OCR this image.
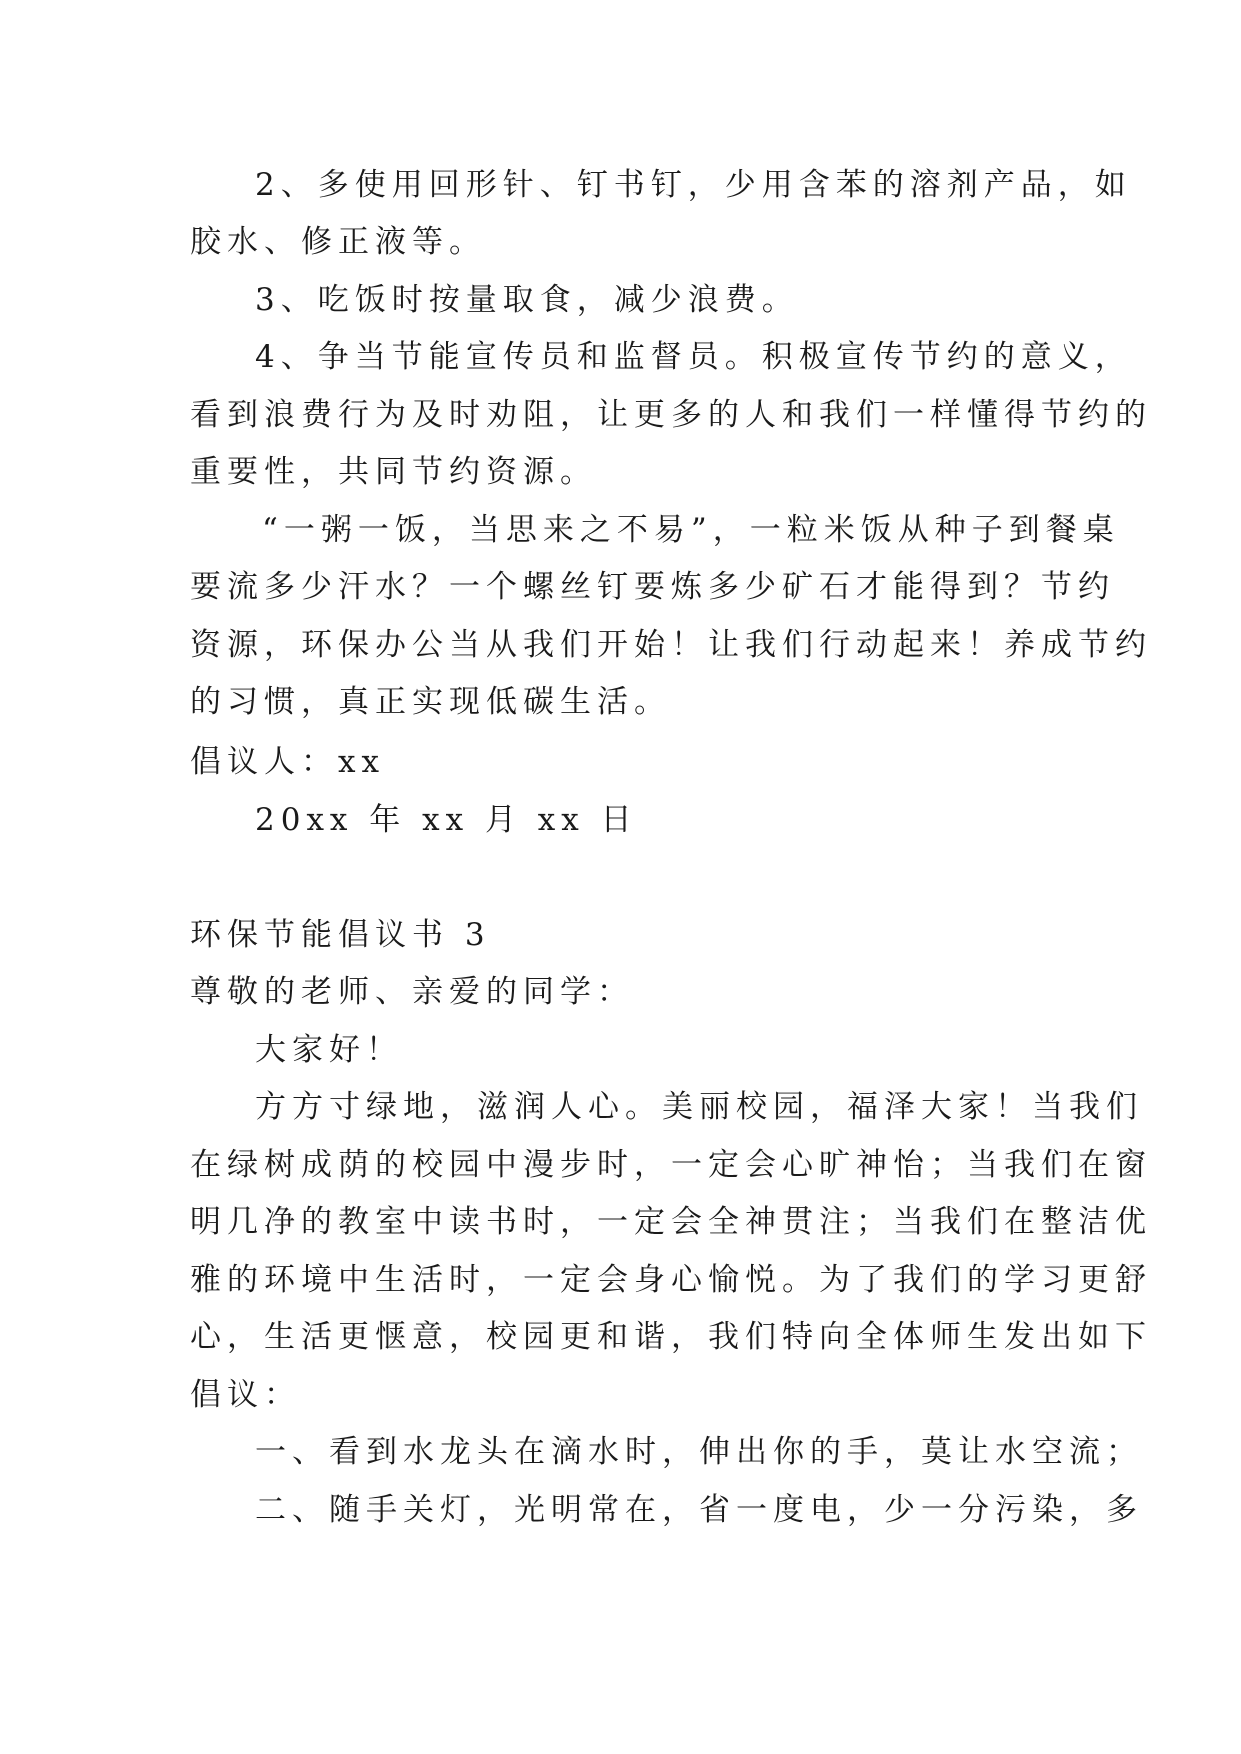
2、多使用回形针、钉书钉，少用含苯的溶剂产品，如
胶水、修正液等。
3、吃饭时按量取食，减少浪费。
4、争当节能宣传员和监督员。积极宣传节约的意义，
看到浪费行为及时劝阻，让更多的人和我们一样懂得节约的
重要性，共同节约资源。
“一粥一饭，当思来之不易”，一粒米饭从种子到餐桌
要流多少汗水？一个螺丝钉要炼多少矿石才能得到？节约
资源，环保办公当从我们开始！让我们行动起来！养成节约
的习惯，真正实现低碳生活。
倡议人：xx
20xx 年 xx 月 xx 日
环保节能倡议书 3
尊敬的老师、亲爱的同学：
大家好！
方方寸绿地，滋润人心。美丽校园，福泽大家！当我们
在绿树成荫的校园中漫步时，一定会心旷神怡；当我们在窗
明几净的教室中读书时，一定会全神贯注；当我们在整洁优
雅的环境中生活时，一定会身心愉悦。为了我们的学习更舒
心，生活更惬意，校园更和谐，我们特向全体师生发出如下
倡议：
一、看到水龙头在滴水时，伸出你的手，莫让水空流；
二、随手关灯，光明常在，省一度电，少一分污染，多
